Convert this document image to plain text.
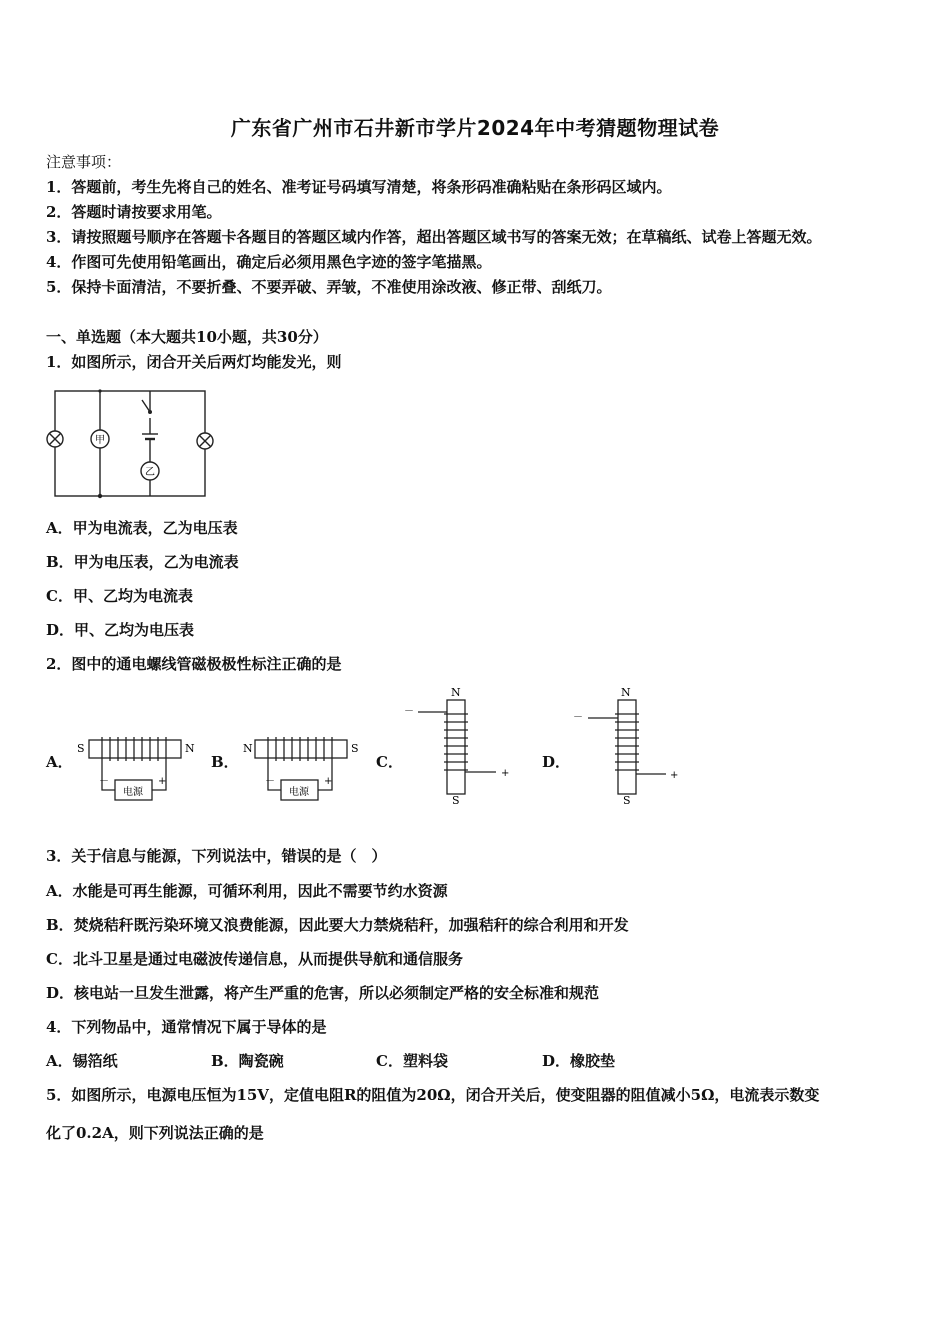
广东省广州市石井新市学片2024年中考猜题物理试卷
注意事项：
1．答题前，考生先将自己的姓名、准考证号码填写清楚，将条形码准确粘贴在条形码区域内。
2．答题时请按要求用笔。
3．请按照题号顺序在答题卡各题目的答题区域内作答，超出答题区域书写的答案无效；在草稿纸、试卷上答题无效。
4．作图可先使用铅笔画出，确定后必须用黑色字迹的签字笔描黑。
5．保持卡面清洁，不要折叠、不要弄破、弄皱，不准使用涂改液、修正带、刮纸刀。
一、单选题（本大题共10小题，共30分）
1．如图所示，闭合开关后两灯均能发光，则
甲
乙
A．甲为电流表，乙为电压表
B．甲为电压表，乙为电流表
C．甲、乙均为电流表
D．甲、乙均为电压表
2．图中的通电螺线管磁极极性标注正确的是
A．	B．	C．	D．
S	N
－	+
电源
N	S
－	+
电源
N
S
－
+
N
S
－
+
3．关于信息与能源，下列说法中，错误的是（　）
A．水能是可再生能源，可循环利用，因此不需要节约水资源
B．焚烧秸秆既污染环境又浪费能源，因此要大力禁烧秸秆，加强秸秆的综合利用和开发
C．北斗卫星是通过电磁波传递信息，从而提供导航和通信服务
D．核电站一旦发生泄露，将产生严重的危害，所以必须制定严格的安全标准和规范
4．下列物品中，通常情况下属于导体的是
A．锡箔纸	B．陶瓷碗	C．塑料袋	D．橡胶垫
5．如图所示，电源电压恒为15V，定值电阻R的阻值为20Ω，闭合开关后，使变阻器的阻值减小5Ω，电流表示数变
化了0.2A，则下列说法正确的是
